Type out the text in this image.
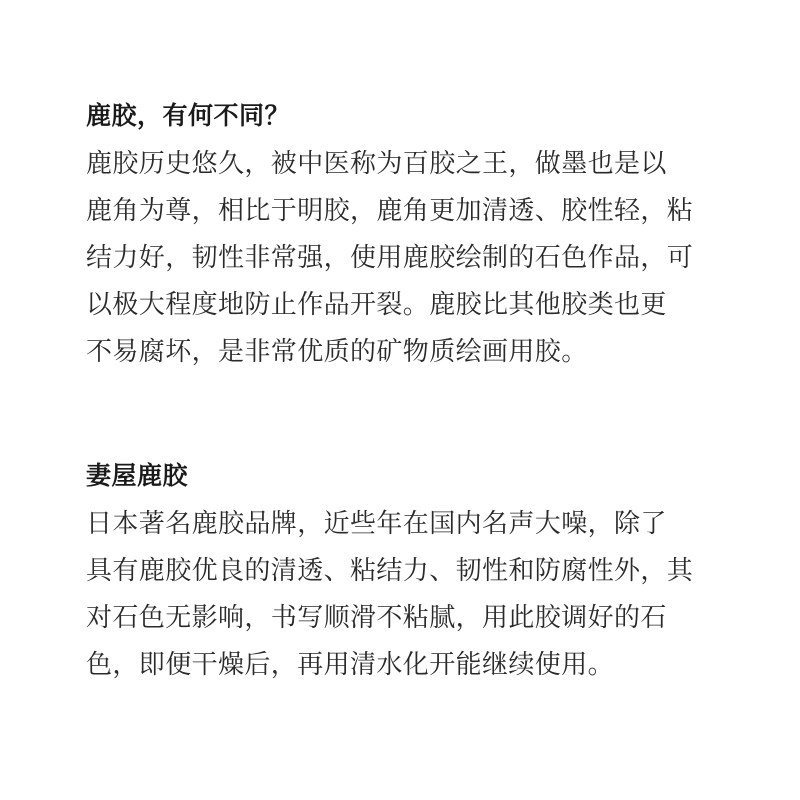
鹿胶，有何不同？
鹿胶历史悠久，被中医称为百胶之王，做墨也是以
鹿角为尊，相比于明胶，鹿角更加清透、胶性轻，粘
结力好，韧性非常强，使用鹿胶绘制的石色作品，可
以极大程度地防止作品开裂。鹿胶比其他胶类也更
不易腐坏，是非常优质的矿物质绘画用胶。
妻屋鹿胶
日本著名鹿胶品牌，近些年在国内名声大噪，除了
具有鹿胶优良的清透、粘结力、韧性和防腐性外，其
对石色无影响，书写顺滑不粘腻，用此胶调好的石
色，即便干燥后，再用清水化开能继续使用。
